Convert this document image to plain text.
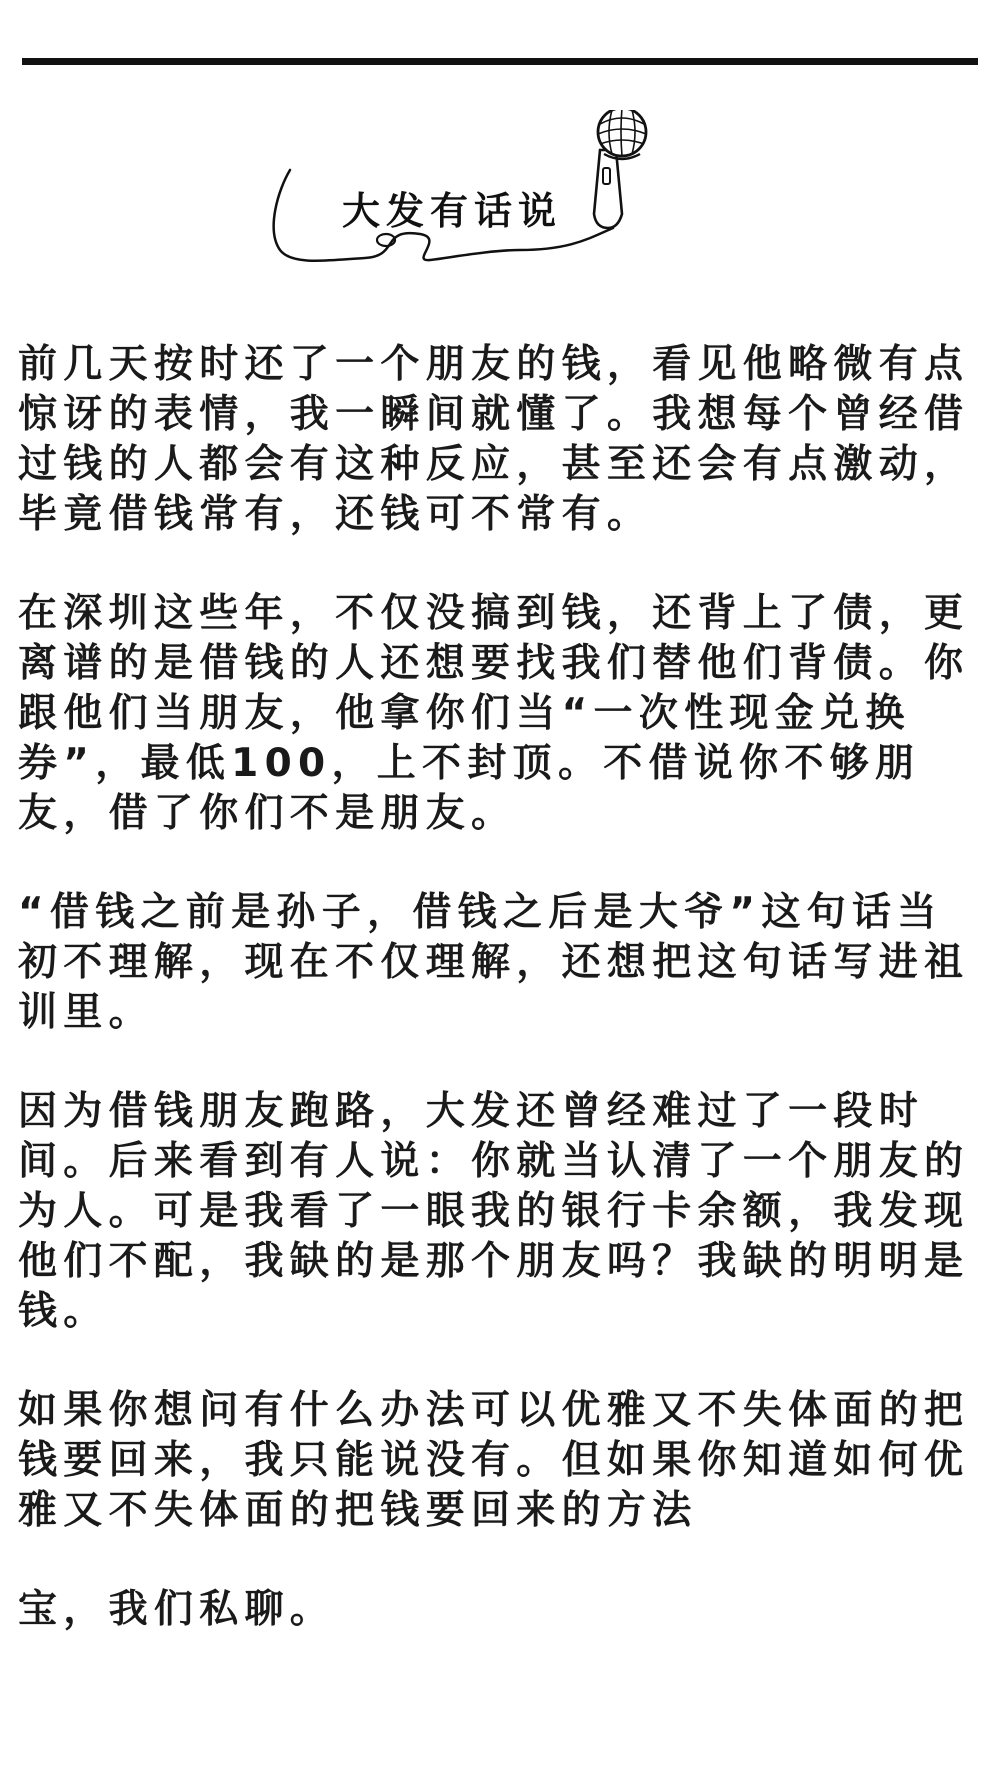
大发有话说

前几天按时还了一个朋友的钱，看见他略微有点惊讶的表情，我一瞬间就懂了。我想每个曾经借过钱的人都会有这种反应，甚至还会有点激动，毕竟借钱常有，还钱可不常有。

在深圳这些年，不仅没搞到钱，还背上了债，更离谱的是借钱的人还想要找我们替他们背债。你跟他们当朋友，他拿你们当“一次性现金兑换券”，最低100，上不封顶。不借说你不够朋友，借了你们不是朋友。

“借钱之前是孙子，借钱之后是大爷”这句话当初不理解，现在不仅理解，还想把这句话写进祖训里。

因为借钱朋友跑路，大发还曾经难过了一段时间。后来看到有人说：你就当认清了一个朋友的为人。可是我看了一眼我的银行卡余额，我发现他们不配，我缺的是那个朋友吗？我缺的明明是钱。

如果你想问有什么办法可以优雅又不失体面的把钱要回来，我只能说没有。但如果你知道如何优雅又不失体面的把钱要回来的方法

宝，我们私聊。
